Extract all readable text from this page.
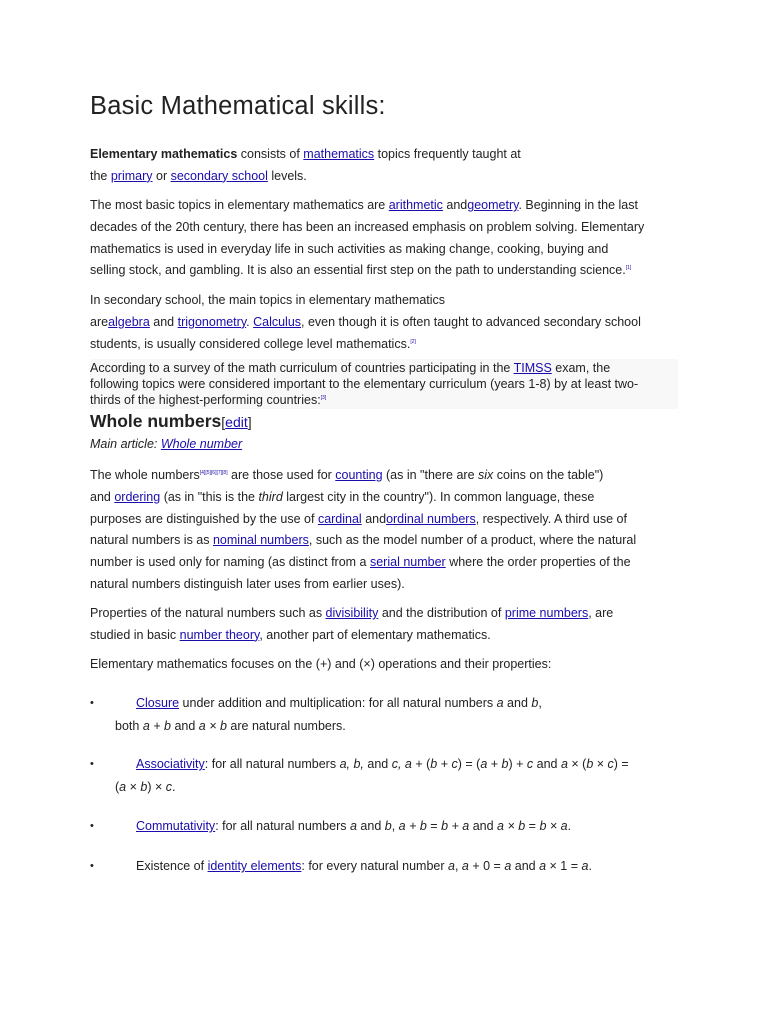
Basic Mathematical skills:
Elementary mathematics consists of mathematics topics frequently taught at
the primary or secondary school levels.
The most basic topics in elementary mathematics are arithmetic andgeometry. Beginning in the last
decades of the 20th century, there has been an increased emphasis on problem solving. Elementary
mathematics is used in everyday life in such activities as making change, cooking, buying and
selling stock, and gambling. It is also an essential first step on the path to understanding science.[1]
In secondary school, the main topics in elementary mathematics
arealgebra and trigonometry. Calculus, even though it is often taught to advanced secondary school
students, is usually considered college level mathematics.[2]
According to a survey of the math curriculum of countries participating in the TIMSS exam, the
following topics were considered important to the elementary curriculum (years 1-8) by at least two-
thirds of the highest-performing countries:[3]
Whole numbers[edit]
Main article: Whole number
The whole numbers[4][5][6][7][8] are those used for counting (as in "there are six coins on the table")
and ordering (as in "this is the third largest city in the country"). In common language, these
purposes are distinguished by the use of cardinal andordinal numbers, respectively. A third use of
natural numbers is as nominal numbers, such as the model number of a product, where the natural
number is used only for naming (as distinct from a serial number where the order properties of the
natural numbers distinguish later uses from earlier uses).
Properties of the natural numbers such as divisibility and the distribution of prime numbers, are
studied in basic number theory, another part of elementary mathematics.
Elementary mathematics focuses on the (+) and (×) operations and their properties:
•	Closure under addition and multiplication: for all natural numbers a and b,
both a + b and a × b are natural numbers.
•	Associativity: for all natural numbers a, b, and c, a + (b + c) = (a + b) + c and a × (b × c) =
(a × b) × c.
•	Commutativity: for all natural numbers a and b, a + b = b + a and a × b = b × a.
•	Existence of identity elements: for every natural number a, a + 0 = a and a × 1 = a.
